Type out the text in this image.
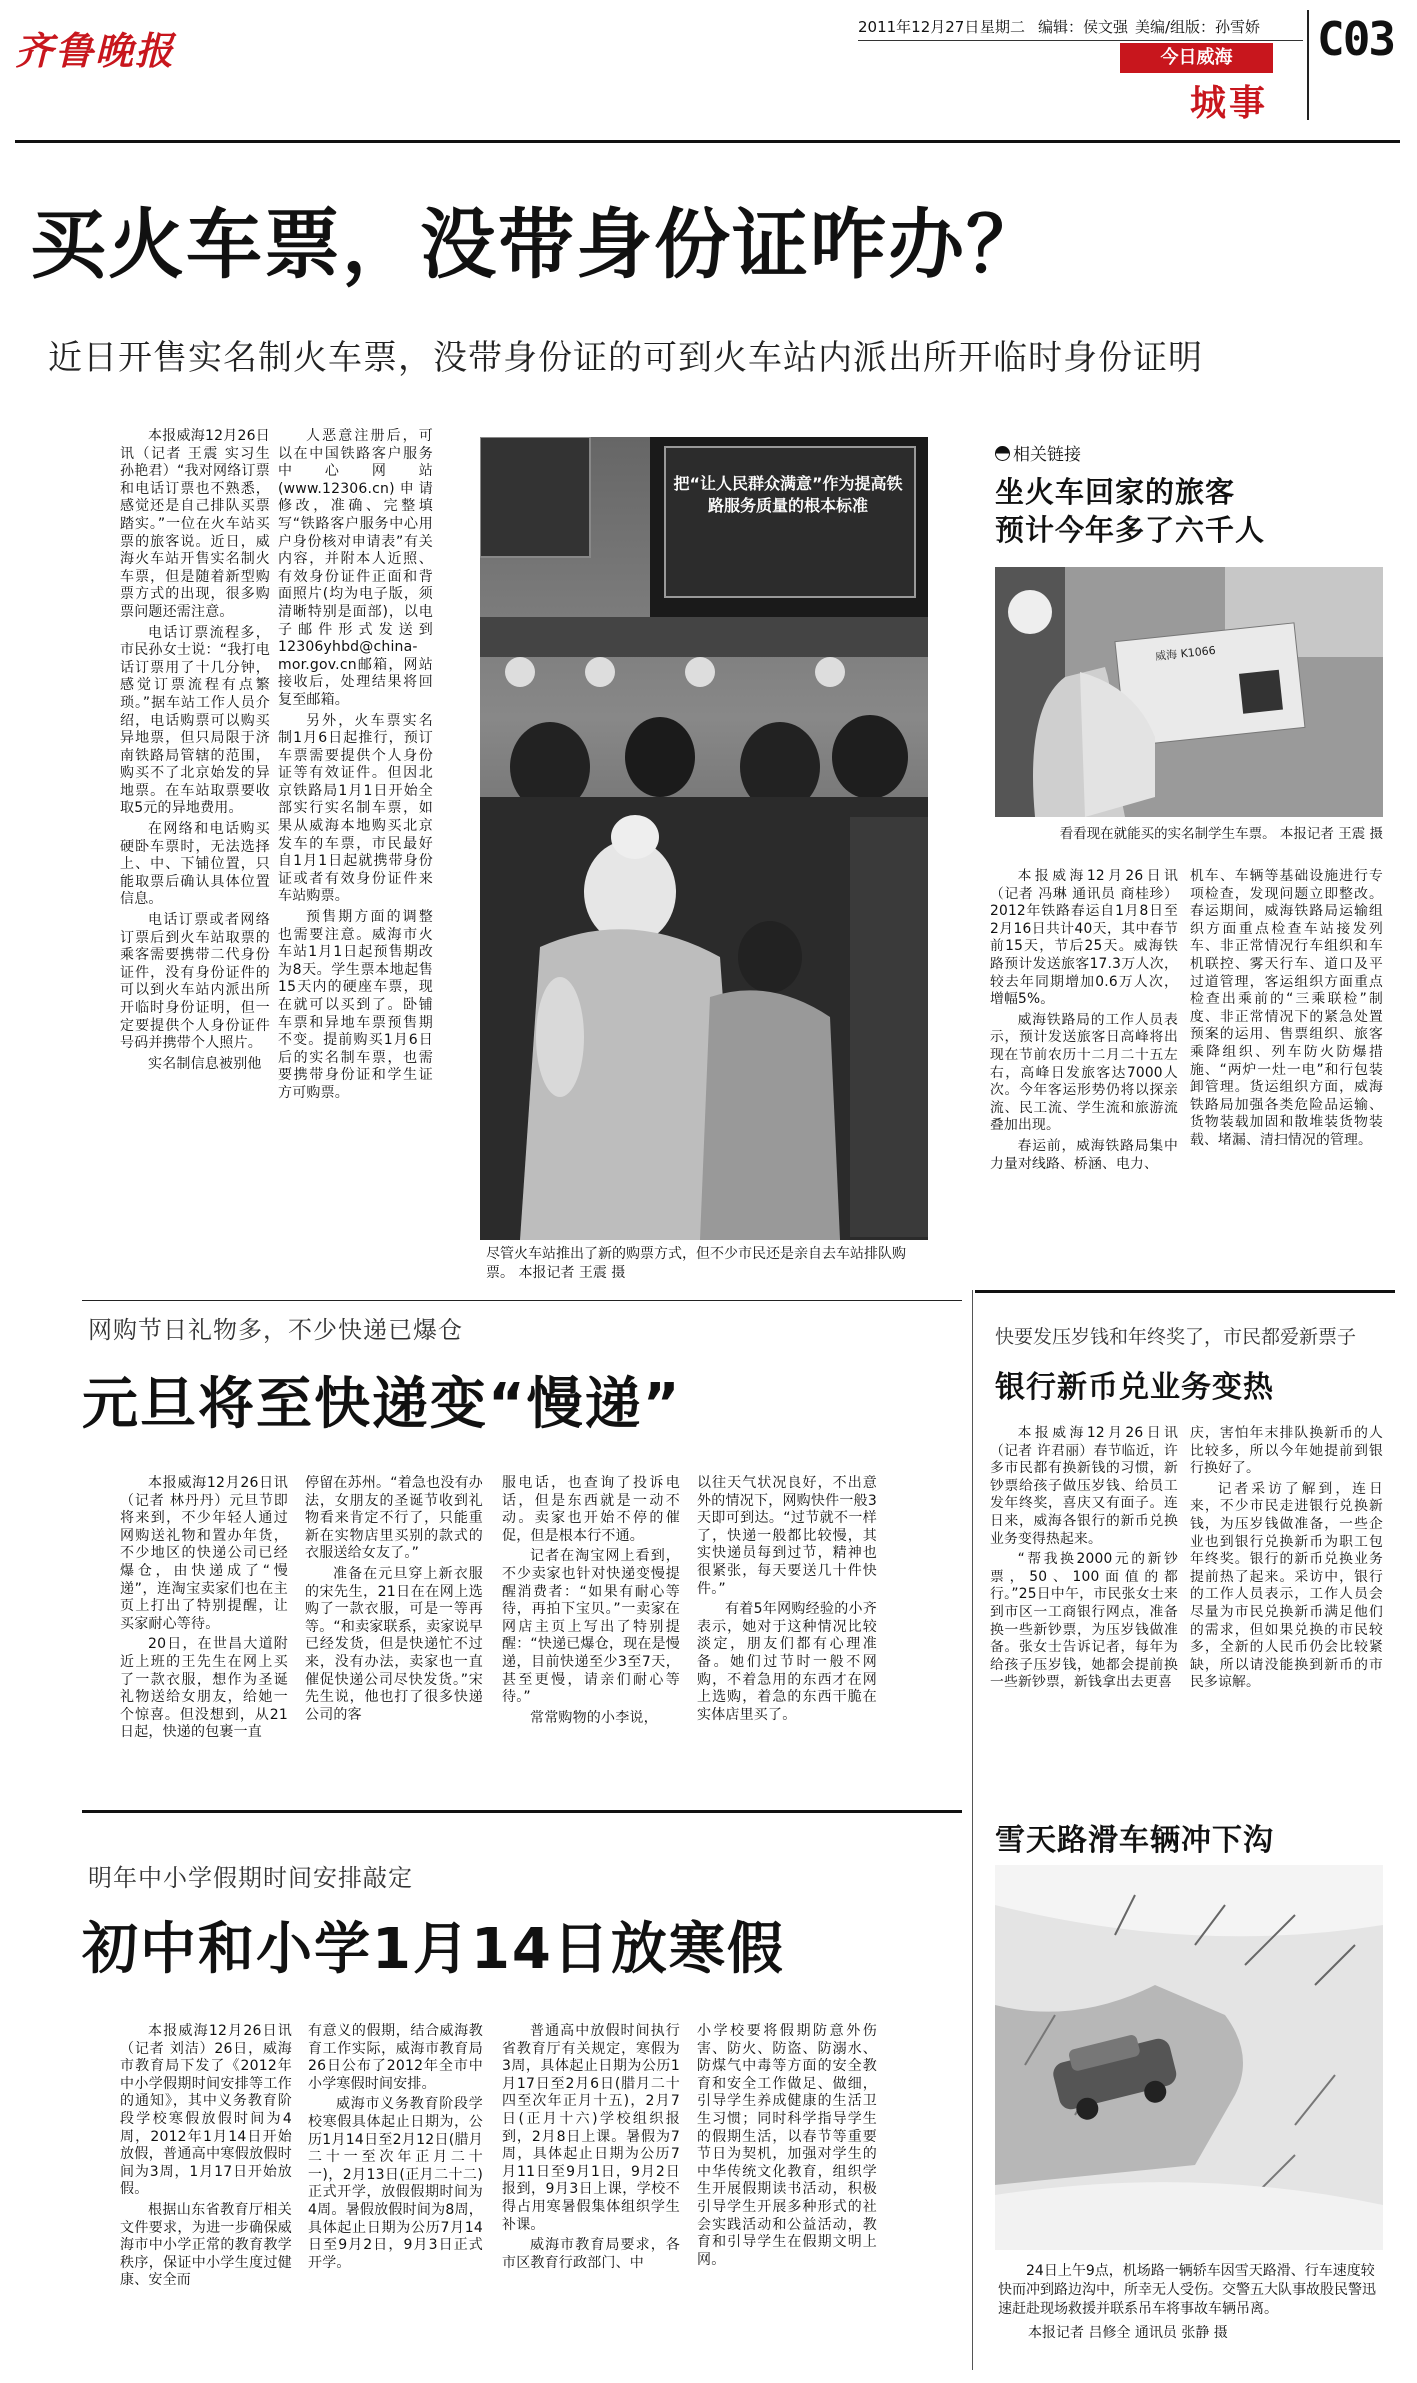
齐鲁晚报
2011年12月27日 星期二 编辑：侯文强 美编/组版：孙雪娇
今日威海
城事
C03
买火车票，没带身份证咋办？
近日开售实名制火车票，没带身份证的可到火车站内派出所开临时身份证明

本报威海12月26日讯（记者 王震 实习生 孙艳君）“我对网络订票和电话订票也不熟悉，感觉还是自己排队买票踏实。”一位在火车站买票的旅客说。近日，威海火车站开售实名制火车票，但是随着新型购票方式的出现，很多购票问题还需注意。

电话订票流程多，市民孙女士说：“我打电话订票用了十几分钟，感觉订票流程有点繁琐。”据车站工作人员介绍，电话购票可以购买异地票，但只局限于济南铁路局管辖的范围，购买不了北京始发的异地票。在车站取票要收取5元的异地费用。

在网络和电话购买硬卧车票时，无法选择上、中、下铺位置，只能取票后确认具体位置信息。

电话订票或者网络订票后到火车站取票的乘客需要携带二代身份证件，没有身份证件的可以到火车站内派出所开临时身份证明，但一定要提供个人身份证件号码并携带个人照片。

实名制信息被别他

人恶意注册后，可以在中国铁路客户服务中心网站(www.12306.cn)申请修改，准确、完整填写“铁路客户服务中心用户身份核对申请表”有关内容，并附本人近照、有效身份证件正面和背面照片(均为电子版，须清晰特别是面部)，以电子邮件形式发送到12306yhbd@china-mor.gov.cn邮箱，网站接收后，处理结果将回复至邮箱。

另外，火车票实名制1月6日起推行，预订车票需要提供个人身份证等有效证件。但因北京铁路局1月1日开始全部实行实名制车票，如果从威海本地购买北京发车的车票，市民最好自1月1日起就携带身份证或者有效身份证件来车站购票。

预售期方面的调整也需要注意。威海市火车站1月1日起预售期改为8天。学生票本地起售15天内的硬座车票，现在就可以买到了。卧铺车票和异地车票预售期不变。提前购买1月6日后的实名制车票，也需要携带身份证和学生证方可购票。

把“让人民群众满意”作为提高铁路服务质量的根本标准
尽管火车站推出了新的购票方式，但不少市民还是亲自去车站排队购票。 本报记者 王震 摄
相关链接
坐火车回家的旅客
预计今年多了六千人
威海 K1066
看看现在就能买的实名制学生车票。 本报记者 王震 摄

本报威海12月26日讯（记者 冯琳 通讯员 商桂珍）2012年铁路春运自1月8日至2月16日共计40天，其中春节前15天，节后25天。威海铁路预计发送旅客17.3万人次，较去年同期增加0.6万人次，增幅5%。

威海铁路局的工作人员表示，预计发送旅客日高峰将出现在节前农历十二月二十五左右，高峰日发旅客达7000人次。今年客运形势仍将以探亲流、民工流、学生流和旅游流叠加出现。

春运前，威海铁路局集中力量对线路、桥涵、电力、

机车、车辆等基础设施进行专项检查，发现问题立即整改。春运期间，威海铁路局运输组织方面重点检查车站接发列车、非正常情况行车组织和车机联控、雾天行车、道口及平过道管理，客运组织方面重点检查出乘前的“三乘联检”制度、非正常情况下的紧急处置预案的运用、售票组织、旅客乘降组织、列车防火防爆措施、“两炉一灶一电”和行包装卸管理。货运组织方面，威海铁路局加强各类危险品运输、货物装载加固和散堆装货物装载、堵漏、清扫情况的管理。

网购节日礼物多，不少快递已爆仓
元旦将至快递变“慢递”

本报威海12月26日讯（记者 林丹丹）元旦节即将来到，不少年轻人通过网购送礼物和置办年货，不少地区的快递公司已经爆仓，由快递成了“慢递”，连淘宝卖家们也在主页上打出了特别提醒，让买家耐心等待。

20日，在世昌大道附近上班的王先生在网上买了一款衣服，想作为圣诞礼物送给女朋友，给她一个惊喜。但没想到，从21日起，快递的包裹一直

停留在苏州。“着急也没有办法，女朋友的圣诞节收到礼物看来肯定不行了，只能重新在实物店里买别的款式的衣服送给女友了。”

准备在元旦穿上新衣服的宋先生，21日在在网上选购了一款衣服，可是一等再等。“和卖家联系，卖家说早已经发货，但是快递忙不过来，没有办法，卖家也一直催促快递公司尽快发货。”宋先生说，他也打了很多快递公司的客

服电话，也查询了投诉电话，但是东西就是一动不动。卖家也开始不停的催促，但是根本行不通。

记者在淘宝网上看到，不少卖家也针对快递变慢提醒消费者：“如果有耐心等待，再拍下宝贝。”一卖家在网店主页上写出了特别提醒：“快递已爆仓，现在是慢递，目前快递至少3至7天，甚至更慢，请亲们耐心等待。”

常常购物的小李说，

以往天气状况良好，不出意外的情况下，网购快件一般3天即可到达。“过节就不一样了，快递一般都比较慢，其实快递员每到过节，精神也很紧张，每天要送几十件快件。”

有着5年网购经验的小齐表示，她对于这种情况比较淡定，朋友们都有心理准备。她们过节时一般不网购，不着急用的东西才在网上选购，着急的东西干脆在实体店里买了。

明年中小学假期时间安排敲定
初中和小学1月14日放寒假

本报威海12月26日讯（记者 刘洁）26日，威海市教育局下发了《2012年中小学假期时间安排等工作的通知》，其中义务教育阶段学校寒假放假时间为4周，2012年1月14日开始放假，普通高中寒假放假时间为3周，1月17日开始放假。

根据山东省教育厅相关文件要求，为进一步确保威海市中小学正常的教育教学秩序，保证中小学生度过健康、安全而

有意义的假期，结合威海教育工作实际，威海市教育局26日公布了2012年全市中小学寒假时间安排。

威海市义务教育阶段学校寒假具体起止日期为，公历1月14日至2月12日(腊月二十一至次年正月二十一)，2月13日(正月二十二)正式开学，放假假期时间为4周。暑假放假时间为8周，具体起止日期为公历7月14日至9月2日，9月3日正式开学。

普通高中放假时间执行省教育厅有关规定，寒假为3周，具体起止日期为公历1月17日至2月6日(腊月二十四至次年正月十五)，2月7日(正月十六)学校组织报到，2月8日上课。暑假为7周，具体起止日期为公历7月11日至9月1日，9月2日报到，9月3日上课，学校不得占用寒暑假集体组织学生补课。

威海市教育局要求，各市区教育行政部门、中

小学校要将假期防意外伤害、防火、防盗、防溺水、防煤气中毒等方面的安全教育和安全工作做足、做细，引导学生养成健康的生活卫生习惯；同时科学指导学生的假期生活，以春节等重要节日为契机，加强对学生的中华传统文化教育，组织学生开展假期读书活动，积极引导学生开展多种形式的社会实践活动和公益活动，教育和引导学生在假期文明上网。

快要发压岁钱和年终奖了，市民都爱新票子
银行新币兑业务变热

本报威海12月26日讯（记者 许君丽）春节临近，许多市民都有换新钱的习惯，新钞票给孩子做压岁钱、给员工发年终奖，喜庆又有面子。连日来，威海各银行的新币兑换业务变得热起来。

“帮我换2000元的新钞票，50、100面值的都行。”25日中午，市民张女士来到市区一工商银行网点，准备换一些新钞票，为压岁钱做准备。张女士告诉记者，每年为给孩子压岁钱，她都会提前换一些新钞票，新钱拿出去更喜

庆，害怕年末排队换新币的人比较多，所以今年她提前到银行换好了。

记者采访了解到，连日来，不少市民走进银行兑换新钱，为压岁钱做准备，一些企业也到银行兑换新币为职工包年终奖。银行的新币兑换业务提前热了起来。采访中，银行的工作人员表示，工作人员会尽量为市民兑换新币满足他们的需求，但如果兑换的市民较多，全新的人民币仍会比较紧缺，所以请没能换到新币的市民多谅解。

雪天路滑车辆冲下沟
24日上午9点，机场路一辆轿车因雪天路滑、行车速度较快而冲到路边沟中，所幸无人受伤。交警五大队事故股民警迅速赶赴现场救援并联系吊车将事故车辆吊离。
本报记者 吕修全 通讯员 张静 摄
